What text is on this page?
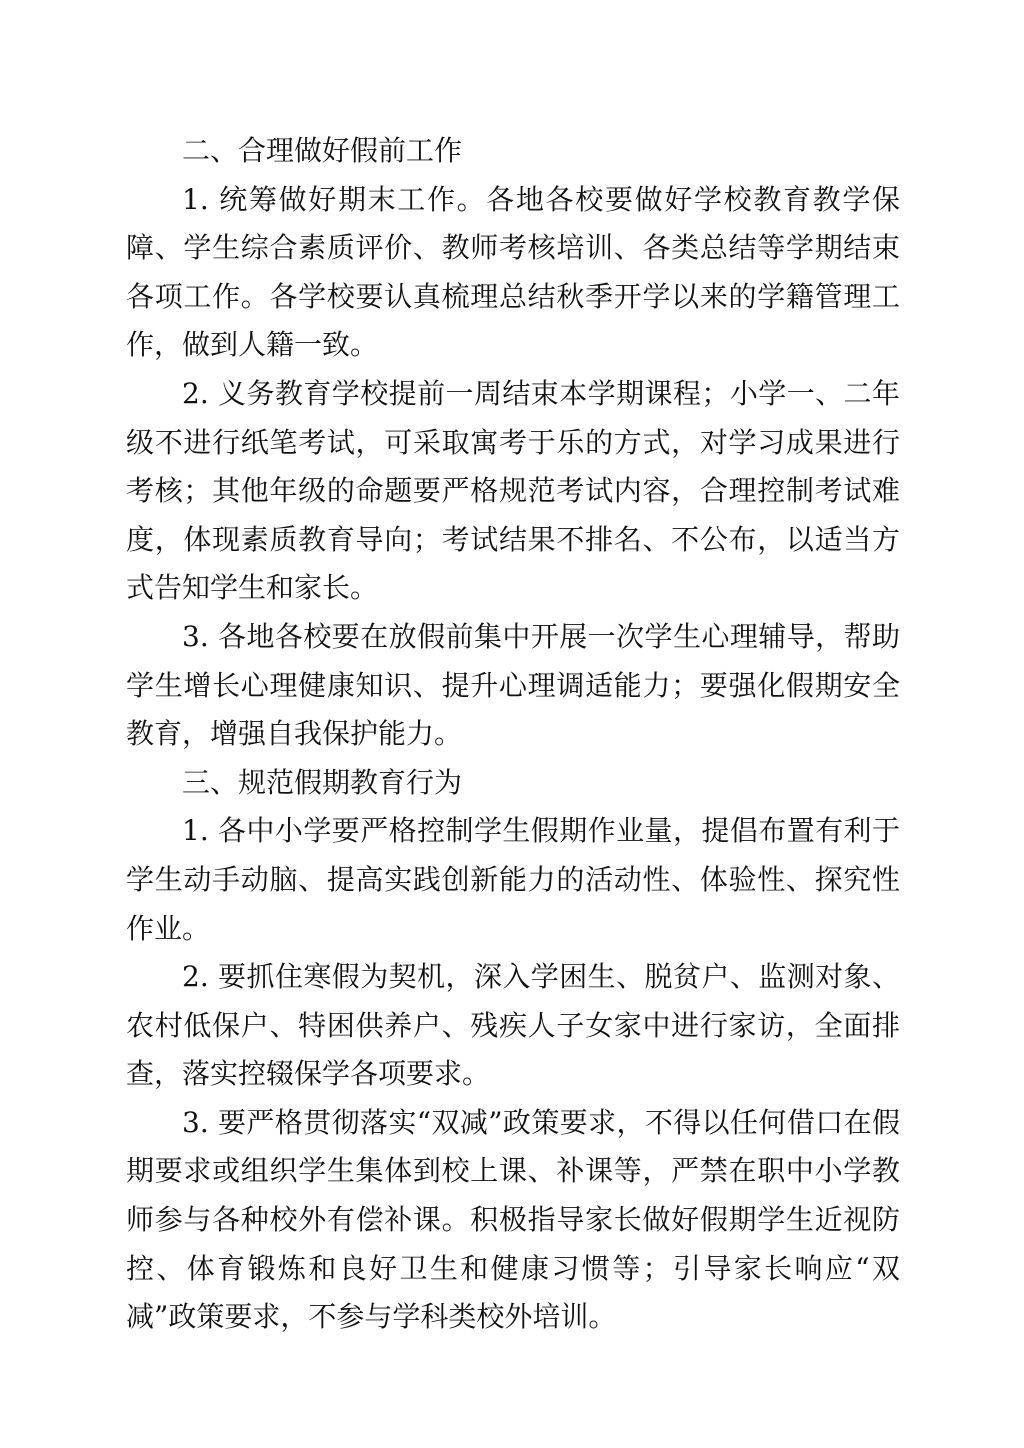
二、合理做好假前工作

1. 统筹做好期末工作。各地各校要做好学校教育教学保障、学生综合素质评价、教师考核培训、各类总结等学期结束各项工作。各学校要认真梳理总结秋季开学以来的学籍管理工作，做到人籍一致。

2. 义务教育学校提前一周结束本学期课程；小学一、二年级不进行纸笔考试，可采取寓考于乐的方式，对学习成果进行考核；其他年级的命题要严格规范考试内容，合理控制考试难度，体现素质教育导向；考试结果不排名、不公布，以适当方式告知学生和家长。

3. 各地各校要在放假前集中开展一次学生心理辅导，帮助学生增长心理健康知识、提升心理调适能力；要强化假期安全教育，增强自我保护能力。

三、规范假期教育行为

1. 各中小学要严格控制学生假期作业量，提倡布置有利于学生动手动脑、提高实践创新能力的活动性、体验性、探究性作业。

2. 要抓住寒假为契机，深入学困生、脱贫户、监测对象、农村低保户、特困供养户、残疾人子女家中进行家访，全面排查，落实控辍保学各项要求。

3. 要严格贯彻落实“双减”政策要求，不得以任何借口在假期要求或组织学生集体到校上课、补课等，严禁在职中小学教师参与各种校外有偿补课。积极指导家长做好假期学生近视防控、体育锻炼和良好卫生和健康习惯等；引导家长响应“双减”政策要求，不参与学科类校外培训。
